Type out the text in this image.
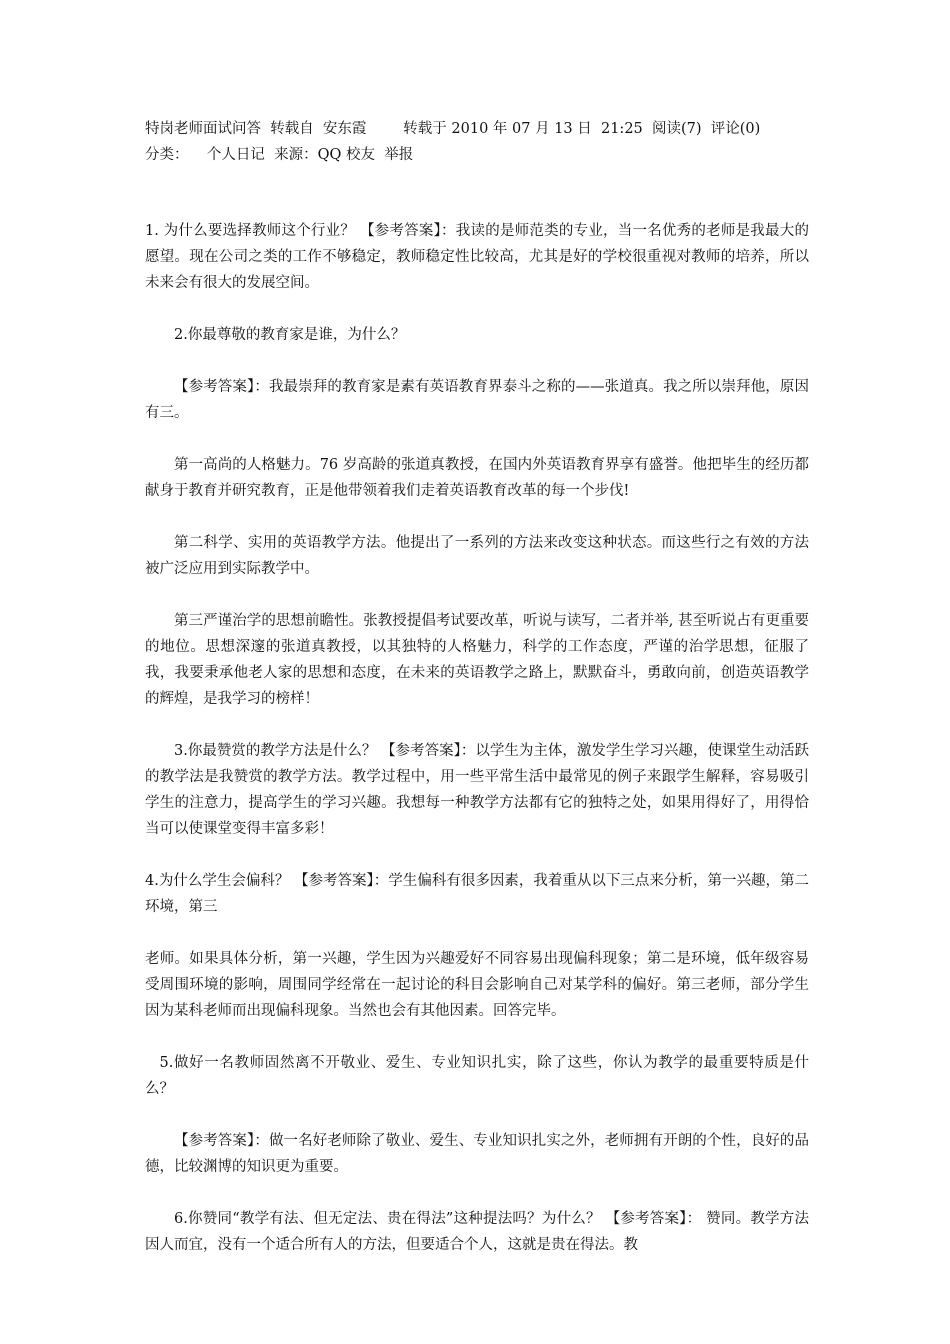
特岗老师面试问答  转载自  安东霞        转载于 2010 年 07 月 13 日  21:25  阅读(7)  评论(0)

分类：    个人日记  来源：QQ 校友  举报

1. 为什么要选择教师这个行业？ 【参考答案】：我读的是师范类的专业，当一名优秀的老师是我最大的愿望。现在公司之类的工作不够稳定，教师稳定性比较高，尤其是好的学校很重视对教师的培养，所以未来会有很大的发展空间。

2.你最尊敬的教育家是谁，为什么？

【参考答案】：我最崇拜的教育家是素有英语教育界泰斗之称的——张道真。我之所以崇拜他，原因有三。

第一高尚的人格魅力。76 岁高龄的张道真教授，在国内外英语教育界享有盛誉。他把毕生的经历都献身于教育并研究教育，正是他带领着我们走着英语教育改革的每一个步伐!

第二科学、实用的英语教学方法。他提出了一系列的方法来改变这种状态。而这些行之有效的方法被广泛应用到实际教学中。

第三严谨治学的思想前瞻性。张教授提倡考试要改革，听说与读写，二者并举, 甚至听说占有更重要的地位。思想深邃的张道真教授，以其独特的人格魅力，科学的工作态度，严谨的治学思想，征服了我，我要秉承他老人家的思想和态度，在未来的英语教学之路上，默默奋斗，勇敢向前，创造英语教学的辉煌，是我学习的榜样！

3.你最赞赏的教学方法是什么？ 【参考答案】：以学生为主体，激发学生学习兴趣，使课堂生动活跃的教学法是我赞赏的教学方法。教学过程中，用一些平常生活中最常见的例子来跟学生解释，容易吸引学生的注意力，提高学生的学习兴趣。我想每一种教学方法都有它的独特之处，如果用得好了，用得恰当可以使课堂变得丰富多彩！

4.为什么学生会偏科？ 【参考答案】：学生偏科有很多因素，我着重从以下三点来分析，第一兴趣，第二环境，第三

老师。如果具体分析，第一兴趣，学生因为兴趣爱好不同容易出现偏科现象；第二是环境，低年级容易受周围环境的影响，周围同学经常在一起讨论的科目会影响自己对某学科的偏好。第三老师，部分学生因为某科老师而出现偏科现象。当然也会有其他因素。回答完毕。

5.做好一名教师固然离不开敬业、爱生、专业知识扎实，除了这些，你认为教学的最重要特质是什么？

【参考答案】：做一名好老师除了敬业、爱生、专业知识扎实之外，老师拥有开朗的个性，良好的品德，比较渊博的知识更为重要。

6.你赞同“教学有法、但无定法、贵在得法”这种提法吗？为什么？ 【参考答案】： 赞同。教学方法因人而宜，没有一个适合所有人的方法，但要适合个人，这就是贵在得法。教
